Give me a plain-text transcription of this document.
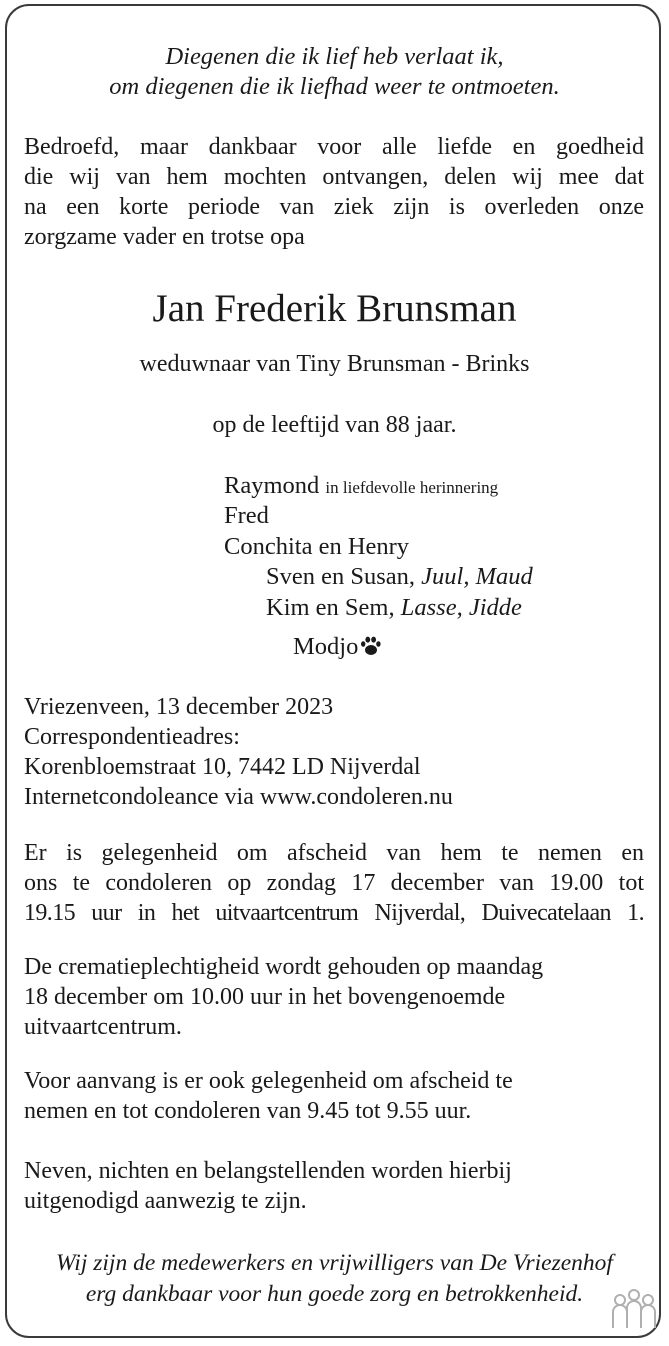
Diegenen die ik lief heb verlaat ik,

om diegenen die ik liefhad weer te ontmoeten.

Bedroefd, maar dankbaar voor alle liefde en goedheid
die wij van hem mochten ontvangen, delen wij mee dat
na een korte periode van ziek zijn is overleden onze
zorgzame vader en trotse opa

Jan Frederik Brunsman

weduwnaar van Tiny Brunsman - Brinks

op de leeftijd van 88 jaar.

Raymond in liefdevolle herinnering

Fred

Conchita en Henry

Sven en Susan, Juul, Maud

Kim en Sem, Lasse, Jidde

Modjo

Vriezenveen, 13 december 2023
Correspondentieadres:
Korenbloemstraat 10, 7442 LD Nijverdal
Internetcondoleance via www.condoleren.nu
Er is gelegenheid om afscheid van hem te nemen en
ons te condoleren op zondag 17 december van 19.00 tot
19.15 uur in het uitvaartcentrum Nijverdal, Duivecatelaan 1.
De crematieplechtigheid wordt gehouden op maandag
18 december om 10.00 uur in het bovengenoemde
uitvaartcentrum.
Voor aanvang is er ook gelegenheid om afscheid te
nemen en tot condoleren van 9.45 tot 9.55 uur.
Neven, nichten en belangstellenden worden hierbij
uitgenodigd aanwezig te zijn.

Wij zijn de medewerkers en vrijwilligers van De Vriezenhof

erg dankbaar voor hun goede zorg en betrokkenheid.
